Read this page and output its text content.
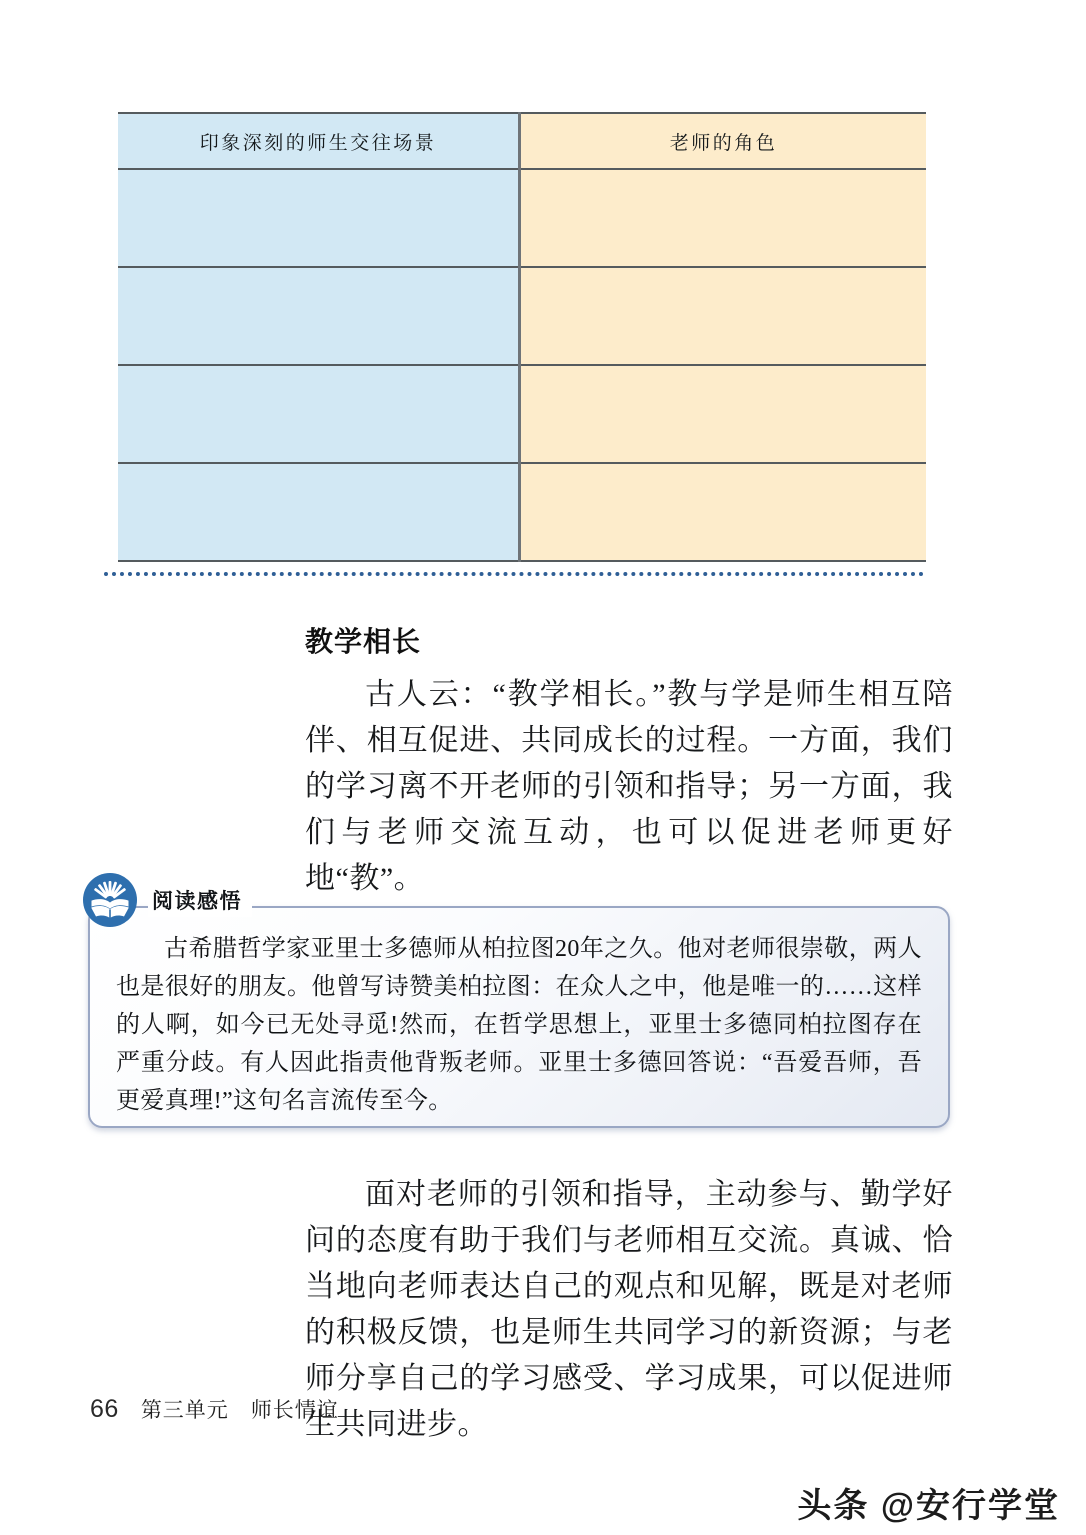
印象深刻的师生交往场景	老师的角色

教学相长
古人云：“教学相长。”教与学是师生相互陪伴、相互促进、共同成长的过程。一方面，我们的学习离不开老师的引领和指导；另一方面，我们与老师交流互动，也可以促进老师更好地“教”。
古希腊哲学家亚里士多德师从柏拉图20年之久。他对老师很崇敬，两人也是很好的朋友。他曾写诗赞美柏拉图：在众人之中，他是唯一的……这样的人啊，如今已无处寻觅!然而，在哲学思想上，亚里士多德同柏拉图存在严重分歧。有人因此指责他背叛老师。亚里士多德回答说：“吾爱吾师，吾更爱真理!”这句名言流传至今。
阅读感悟
面对老师的引领和指导，主动参与、勤学好问的态度有助于我们与老师相互交流。真诚、恰当地向老师表达自己的观点和见解，既是对老师的积极反馈，也是师生共同学习的新资源；与老师分享自己的学习感受、学习成果，可以促进师生共同进步。
66 第三单元 师长情谊
头条 @安行学堂
